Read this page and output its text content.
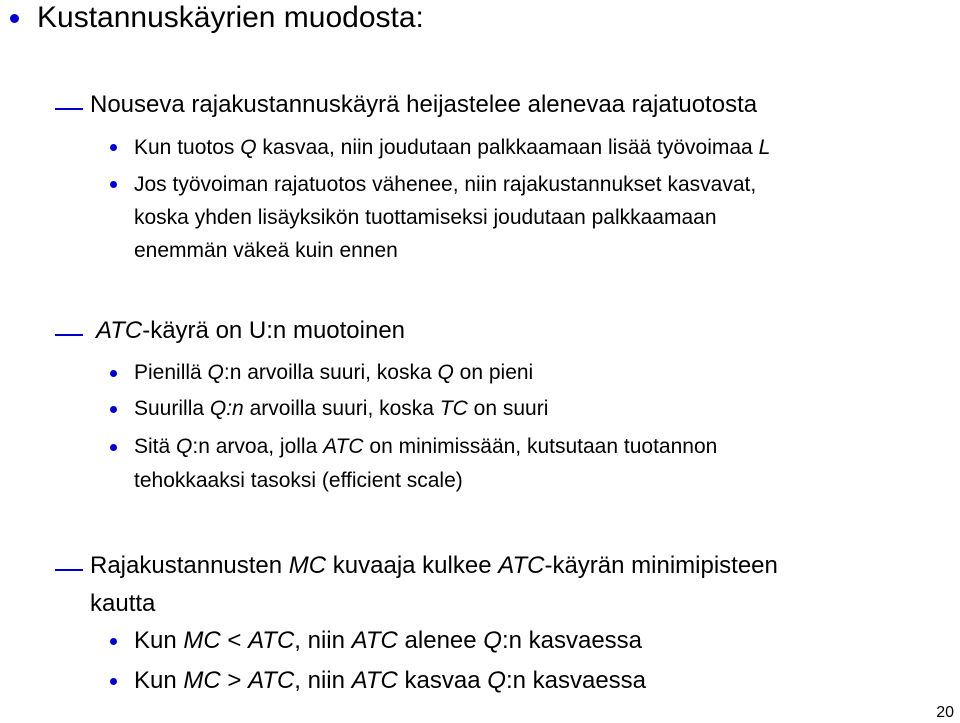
Kustannuskäyrien muodosta:
Nouseva rajakustannuskäyrä heijastelee alenevaa rajatuotosta
Kun tuotos Q kasvaa, niin joudutaan palkkaamaan lisää työvoimaa L
Jos työvoiman rajatuotos vähenee, niin rajakustannukset kasvavat,
koska yhden lisäyksikön tuottamiseksi joudutaan palkkaamaan
enemmän väkeä kuin ennen
ATC-käyrä on U:n muotoinen
Pienillä Q:n arvoilla suuri, koska Q on pieni
Suurilla Q:n arvoilla suuri, koska TC on suuri
Sitä Q:n arvoa, jolla ATC on minimissään, kutsutaan tuotannon
tehokkaaksi tasoksi (efficient scale)
Rajakustannusten MC kuvaaja kulkee ATC-käyrän minimipisteen
kautta
Kun MC < ATC, niin ATC alenee Q:n kasvaessa
Kun MC > ATC, niin ATC kasvaa Q:n kasvaessa
20
